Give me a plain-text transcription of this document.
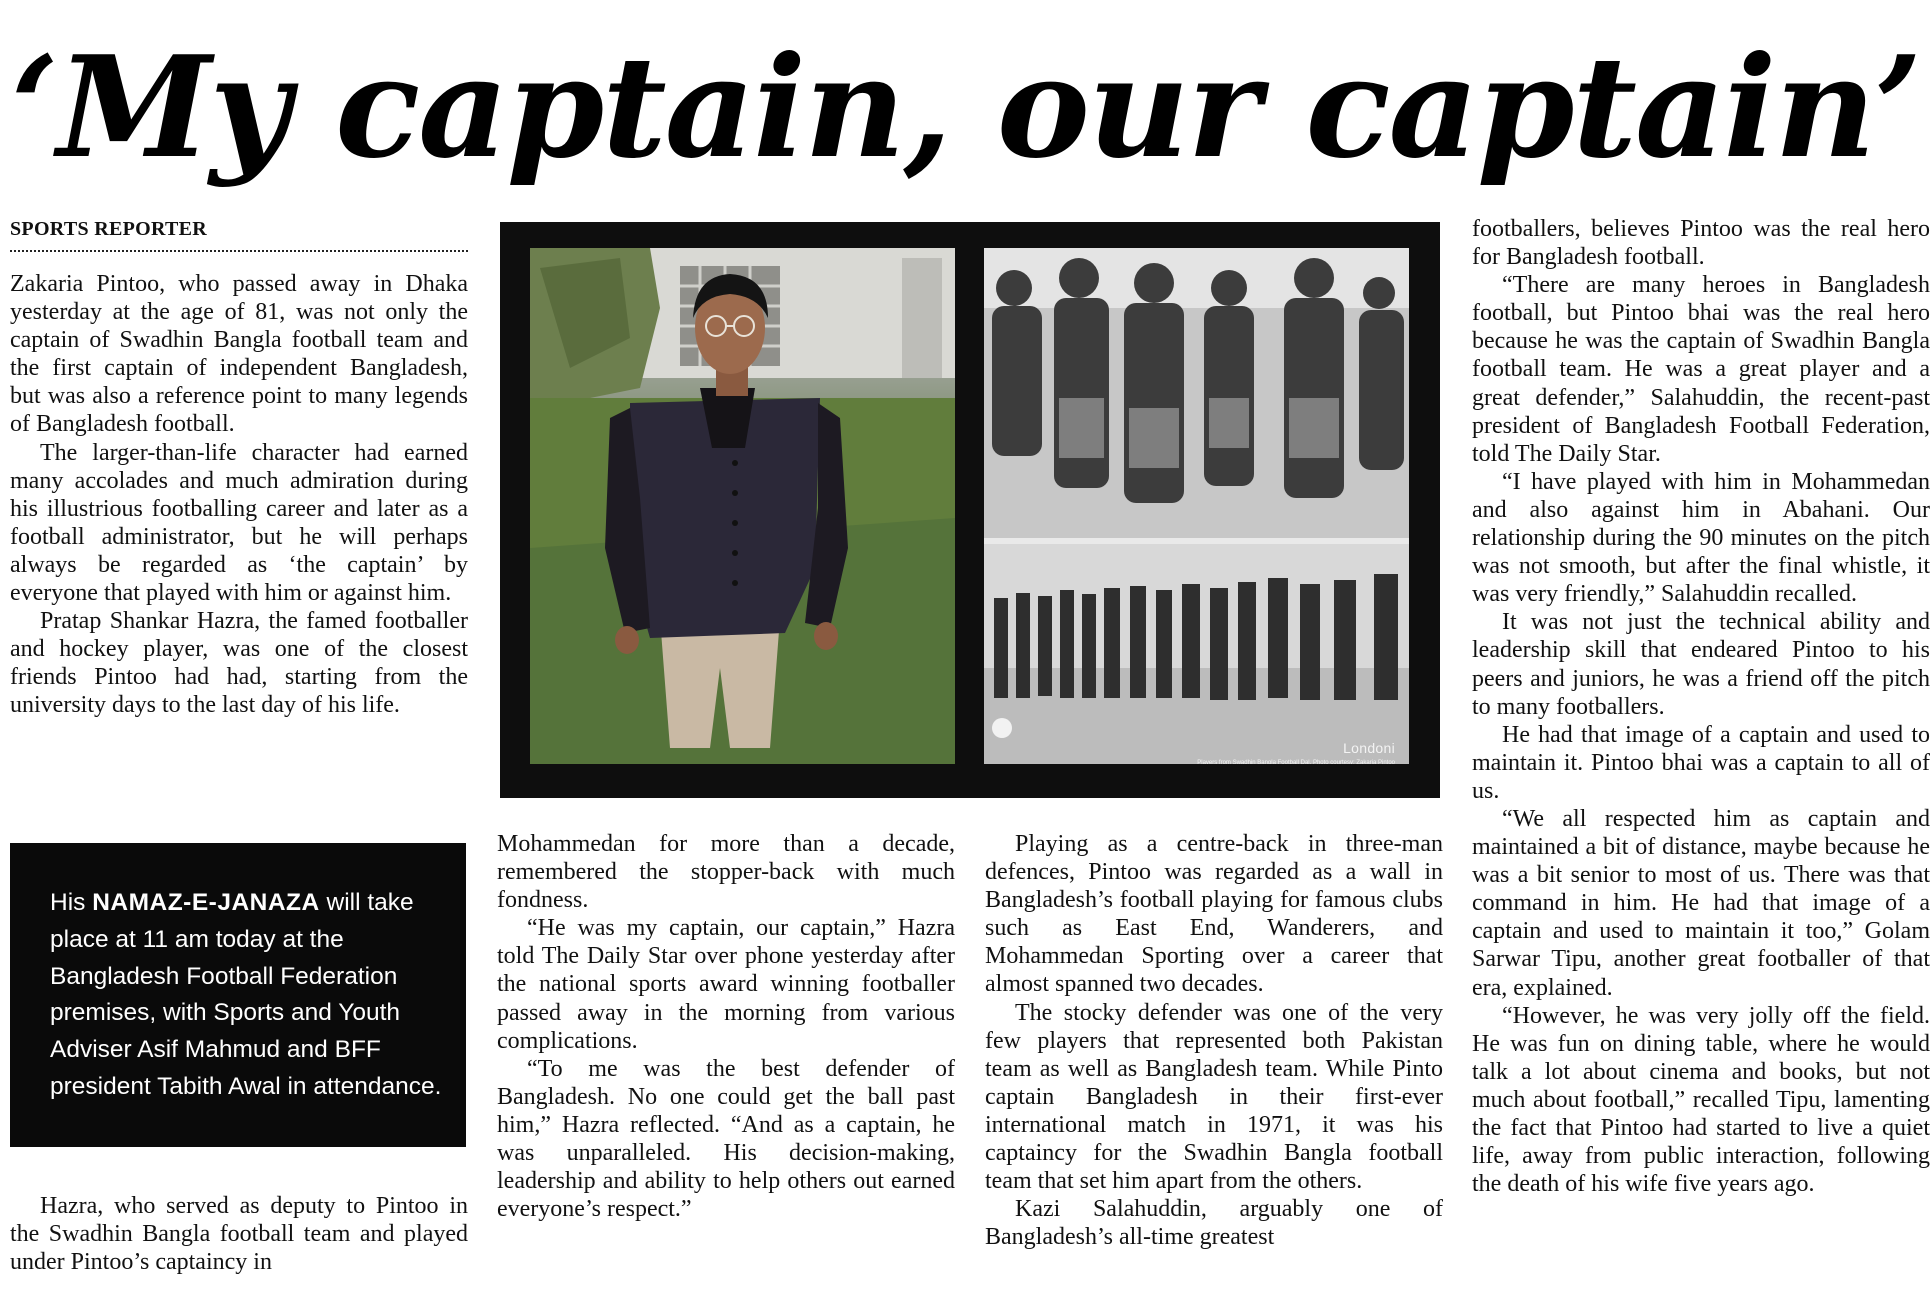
‘My captain, our captain’
SPORTS REPORTER

Zakaria Pintoo, who passed away in Dhaka yesterday at the age of 81, was not only the captain of Swadhin Bangla football team and the first captain of independent Bangladesh, but was also a reference point to many legends of Bangladesh football.

The larger-than-life character had earned many accolades and much admiration during his illustrious footballing career and later as a football administrator, but he will perhaps always be regarded as ‘the captain’ by everyone that played with him or against him.

Pratap Shankar Hazra, the famed footballer and hockey player, was one of the closest friends Pintoo had had, starting from the university days to the last day of his life.

His NAMAZ-E-JANAZA will take place at 11 am today at the Bangladesh Football Federation premises, with Sports and Youth Adviser Asif Mahmud and BFF president Tabith Awal in attendance.

Hazra, who served as deputy to Pintoo in the Swadhin Bangla football team and played under Pintoo’s captaincy in

Londoni
Players from Swadhin Bangla Football Dal. Photo courtesy: Zakaria Pintoo

Mohammedan for more than a decade, remembered the stopper-back with much fondness.

“He was my captain, our captain,” Hazra told The Daily Star over phone yesterday after the national sports award winning footballer passed away in the morning from various complications.

“To me was the best defender of Bangladesh. No one could get the ball past him,” Hazra reflected. “And as a captain, he was unparalleled. His decision-making, leadership and ability to help others out earned everyone’s respect.”

Playing as a centre-back in three-man defences, Pintoo was regarded as a wall in Bangladesh’s football playing for famous clubs such as East End, Wanderers, and Mohammedan Sporting over a career that almost spanned two decades.

The stocky defender was one of the very few players that represented both Pakistan team as well as Bangladesh team. While Pinto captain Bangladesh in their first-ever international match in 1971, it was his captaincy for the Swadhin Bangla football team that set him apart from the others.

Kazi Salahuddin, arguably one of Bangladesh’s all-time greatest

footballers, believes Pintoo was the real hero for Bangladesh football.

“There are many heroes in Bangladesh football, but Pintoo bhai was the real hero because he was the captain of Swadhin Bangla football team. He was a great player and a great defender,” Salahuddin, the recent-past president of Bangladesh Football Federation, told The Daily Star.

“I have played with him in Mohammedan and also against him in Abahani. Our relationship during the 90 minutes on the pitch was not smooth, but after the final whistle, it was very friendly,” Salahuddin recalled.

It was not just the technical ability and leadership skill that endeared Pintoo to his peers and juniors, he was a friend off the pitch to many footballers.

He had that image of a captain and used to maintain it. Pintoo bhai was a captain to all of us.

“We all respected him as captain and maintained a bit of distance, maybe because he was a bit senior to most of us. There was that command in him. He had that image of a captain and used to maintain it too,” Golam Sarwar Tipu, another great footballer of that era, explained.

“However, he was very jolly off the field. He was fun on dining table, where he would talk a lot about cinema and books, but not much about football,” recalled Tipu, lamenting the fact that Pintoo had started to live a quiet life, away from public interaction, following the death of his wife five years ago.
